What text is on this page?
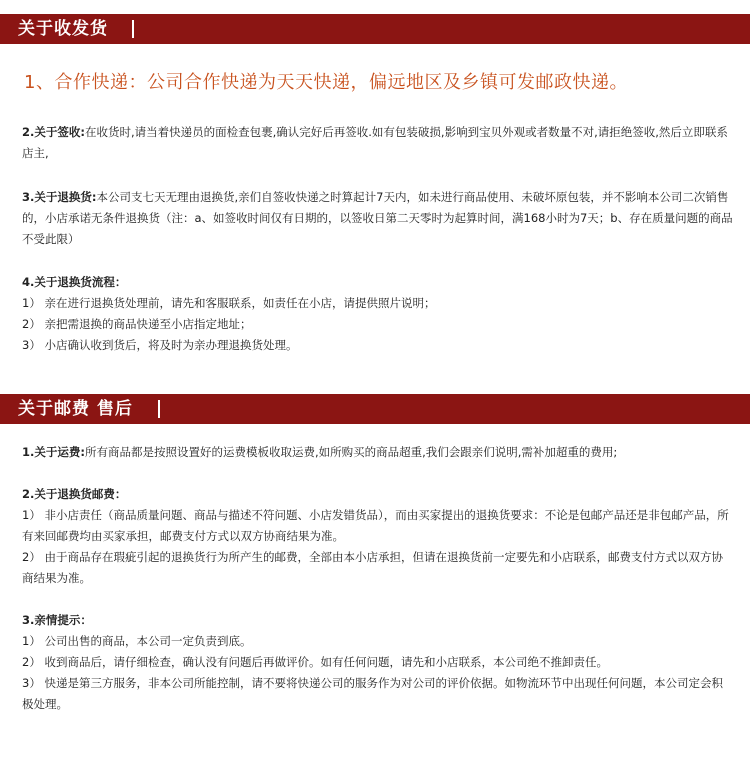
关于收发货
1、合作快递：公司合作快递为天天快递，偏远地区及乡镇可发邮政快递。

2.关于签收:在收货时,请当着快递员的面检查包裹,确认完好后再签收.如有包装破损,影响到宝贝外观或者数量不对,请拒绝签收,然后立即联系店主,

3.关于退换货:本公司支七天无理由退换货,亲们自签收快递之时算起计7天内，如未进行商品使用、未破坏原包装，并不影响本公司二次销售的，小店承诺无条件退换货（注：a、如签收时间仅有日期的，以签收日第二天零时为起算时间，满168小时为7天；b、存在质量问题的商品不受此限）

4.关于退换货流程：
1） 亲在进行退换货处理前，请先和客服联系，如责任在小店，请提供照片说明；
2） 亲把需退换的商品快递至小店指定地址；
3） 小店确认收到货后，将及时为亲办理退换货处理。
关于邮费 售后

1.关于运费:所有商品都是按照设置好的运费模板收取运费,如所购买的商品超重,我们会跟亲们说明,需补加超重的费用;

2.关于退换货邮费：
1） 非小店责任（商品质量问题、商品与描述不符问题、小店发错货品），而由买家提出的退换货要求：不论是包邮产品还是非包邮产品，所有来回邮费均由买家承担，邮费支付方式以双方协商结果为准。
2） 由于商品存在瑕疵引起的退换货行为所产生的邮费，全部由本小店承担，但请在退换货前一定要先和小店联系，邮费支付方式以双方协商结果为准。
3.亲情提示：
1） 公司出售的商品，本公司一定负责到底。
2） 收到商品后，请仔细检查，确认没有问题后再做评价。如有任何问题，请先和小店联系，本公司绝不推卸责任。
3） 快递是第三方服务，非本公司所能控制，请不要将快递公司的服务作为对公司的评价依据。如物流环节中出现任何问题，本公司定会积极处理。
